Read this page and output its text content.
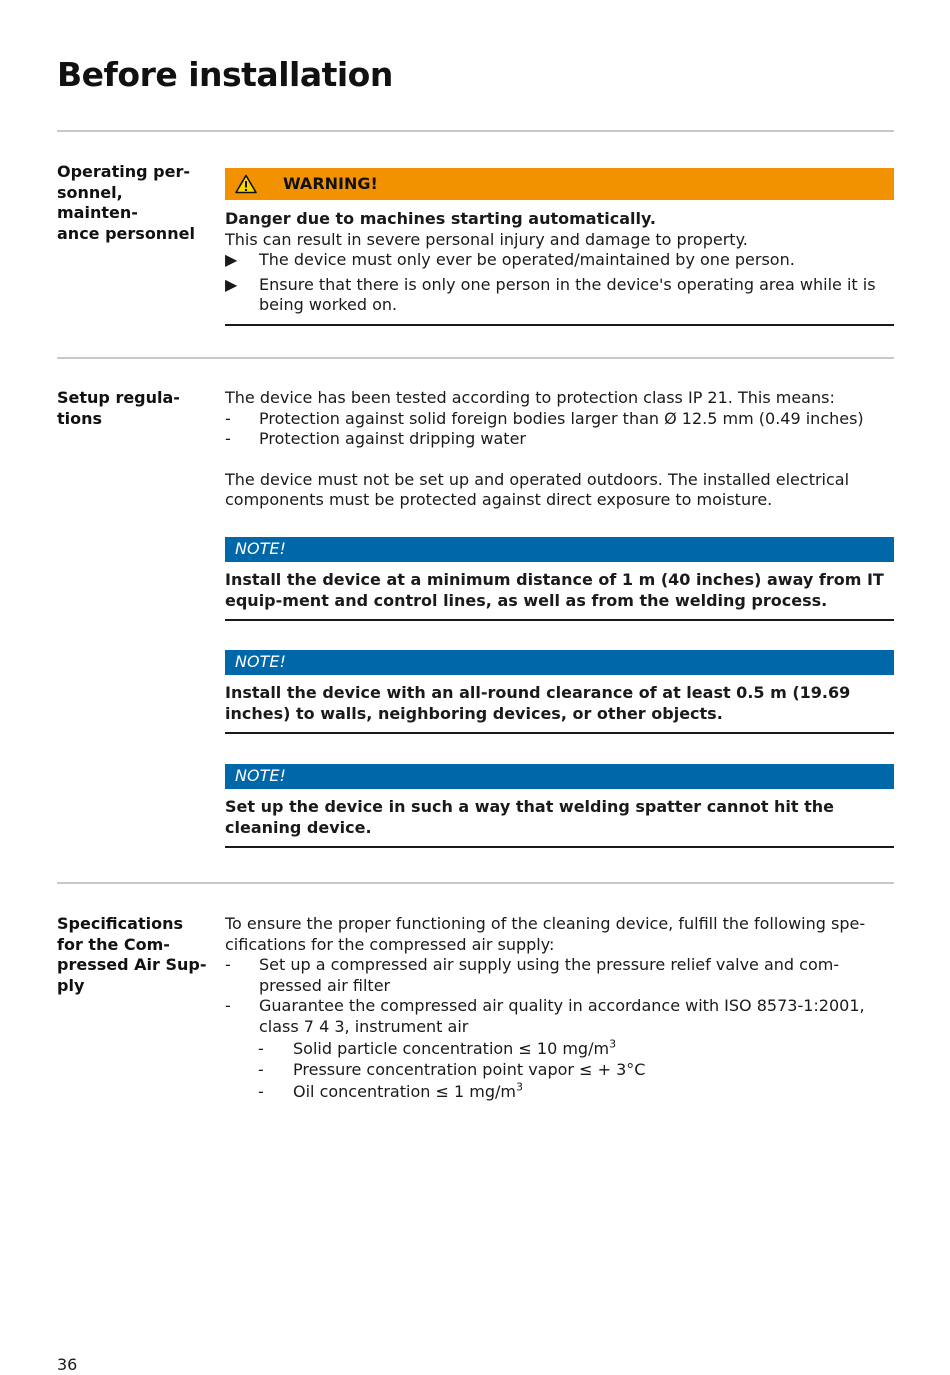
Before installation
Operating per-
sonnel, mainten-
ance personnel
WARNING!

Danger due to machines starting automatically.

This can result in severe personal injury and damage to property.

▶	The device must only ever be operated/maintained by one person.
▶	Ensure that there is only one person in the device's operating area while it is being worked on.
Setup regula-
tions

The device has been tested according to protection class IP 21. This means:

-	Protection against solid foreign bodies larger than Ø 12.5 mm (0.49 inches)
-	Protection against dripping water

The device must not be set up and operated outdoors. The installed electrical components must be protected against direct exposure to moisture.

NOTE!
Install the device at a minimum distance of 1 m (40 inches) away from IT equip-ment and control lines, as well as from the welding process.
NOTE!
Install the device with an all-round clearance of at least 0.5 m (19.69 inches) to walls, neighboring devices, or other objects.
NOTE!
Set up the device in such a way that welding spatter cannot hit the cleaning device.
Specifications
for the Com-
pressed Air Sup-
ply

To ensure the proper functioning of the cleaning device, fulfill the following spe-cifications for the compressed air supply:

-	Set up a compressed air supply using the pressure relief valve and com-pressed air filter
-	Guarantee the compressed air quality in accordance with ISO 8573-1:2001, class 7 4 3, instrument air
-	Solid particle concentration ≤ 10 $mg/m^3$
-	Pressure concentration point vapor ≤ + 3°C
-	Oil concentration ≤ 1 $mg/m^3$
36
